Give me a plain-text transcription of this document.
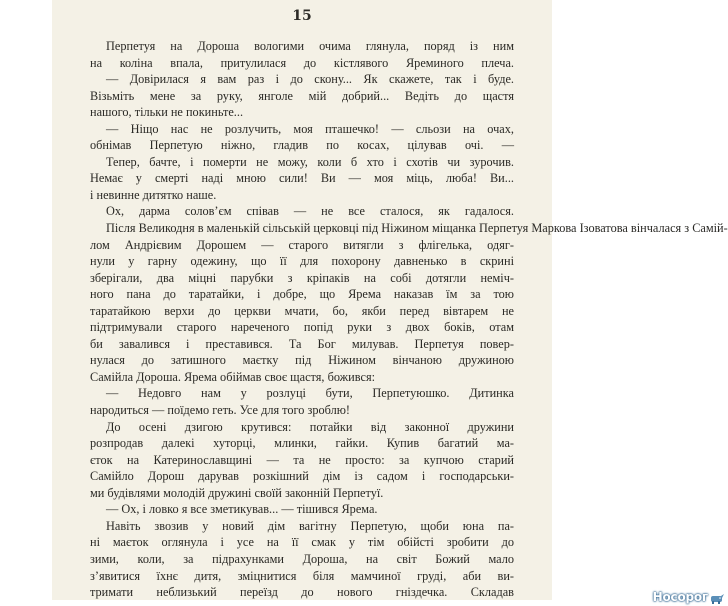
15
Перпетуя на Дороша вологими очима глянула, поряд із ним
на коліна впала, притулилася до кістлявого Ярeминого плеча.
— Довірилася я вам раз і до скону... Як скажете, так і буде.
Візьміть мене за руку, янголе мій добрий... Ведіть до щастя
нашого, тільки не покиньте...
— Ніщо нас не розлучить, моя пташечко! — сльози на очах,
обнімав Перпетую ніжно, гладив по косах, цілував очі. —
Тепер, бачте, і померти не можу, коли б хто і схотів чи зурочив.
Немає у смерті наді мною сили! Ви — моя міць, люба! Ви...
і невинне дитятко наше.
Ох, дарма солов’єм співав — не все сталося, як гадалося.
Після Великодня в маленькій сільській церковці під Ніжином міщанка Перпетуя Маркова Ізоватова вінчалася з Самій-
лом Андрієвим Дорошем — старого витягли з флігелька, одяг-
нули у гарну одежину, що її для похорону давненько в скрині
зберігали, два міцні парубки з кріпаків на собі дотягли неміч-
ного пана до таратайки, і добре, що Ярема наказав їм за тою
таратайкою верхи до церкви мчати, бо, якби перед вівтарем не
підтримували старого нареченого попід руки з двох боків, отам
би завалився і преставився. Та Бог милував. Перпетуя повер-
нулася до затишного маєтку під Ніжином вінчаною дружиною
Самійла Дороша. Ярема обіймав своє щастя, божився:
— Недовго нам у розлуці бути, Перпетуюшко. Дитинка
народиться — поїдемо геть. Усе для того зроблю!
До осені дзигою крутився: потайки від законної дружини
розпродав далекі хуторці, млинки, гайки. Купив багатий ма-
єток на Катеринославщині — та не просто: за купчою старий
Самійло Дорош дарував розкішний дім із садом і господарськи-
ми будівлями молодій дружині своїй законній Перпетуї.
— Ох, і ловко я все зметикував... — тішився Ярема.
Навіть звозив у новий дім вагітну Перпетую, щоби юна па-
ні маєток оглянула і усе на її смак у тім обійсті зробити до
зими, коли, за підрахунками Дороша, на світ Божий мало
з’явитися їхнє дитя, зміцнитися біля мамчиної груді, аби ви-
тримати неблизький переїзд до нового гніздечка. Складав	Носорог
